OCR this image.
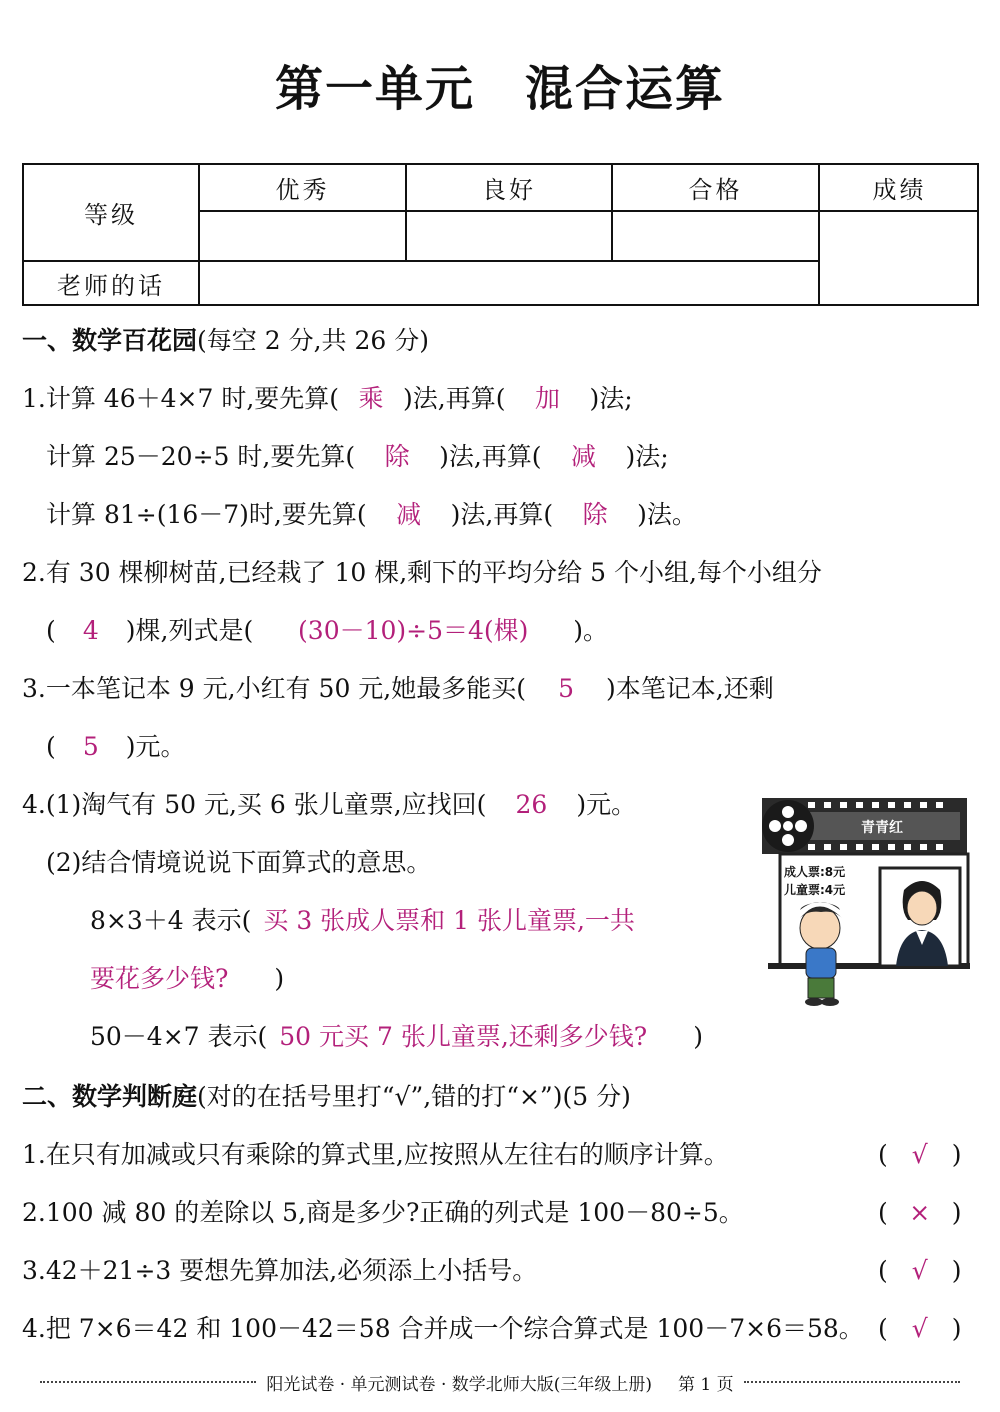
第一单元 混合运算
等级
优秀	良好	合格	成绩
老师的话
一、数学百花园(每空 2 分,共 26 分)
1.计算 46＋4×7 时,要先算( 乘 )法,再算( 加 )法;
计算 25－20÷5 时,要先算( 除 )法,再算( 减 )法;
计算 81÷(16－7)时,要先算( 减 )法,再算( 除 )法。
2.有 30 棵柳树苗,已经栽了 10 棵,剩下的平均分给 5 个小组,每个小组分
( 4 )棵,列式是( (30－10)÷5＝4(棵) )。
3.一本笔记本 9 元,小红有 50 元,她最多能买( 5 )本笔记本,还剩
( 5 )元。
4.(1)淘气有 50 元,买 6 张儿童票,应找回( 26 )元。
(2)结合情境说说下面算式的意思。
8×3＋4 表示( 买 3 张成人票和 1 张儿童票,一共
要花多少钱? )
50－4×7 表示( 50 元买 7 张儿童票,还剩多少钱? )
青青红
成人票:8元
儿童票:4元
二、数学判断庭(对的在括号里打“√”,错的打“×”)(5 分)
1.在只有加减或只有乘除的算式里,应按照从左往右的顺序计算。	( √ )
2.100 减 80 的差除以 5,商是多少?正确的列式是 100－80÷5。	( × )
3.42＋21÷3 要想先算加法,必须添上小括号。	( √ )
4.把 7×6＝42 和 100－42＝58 合并成一个综合算式是 100－7×6＝58。 ( √ )
阳光试卷 · 单元测试卷 · 数学北师大版(三年级上册) 第 1 页
